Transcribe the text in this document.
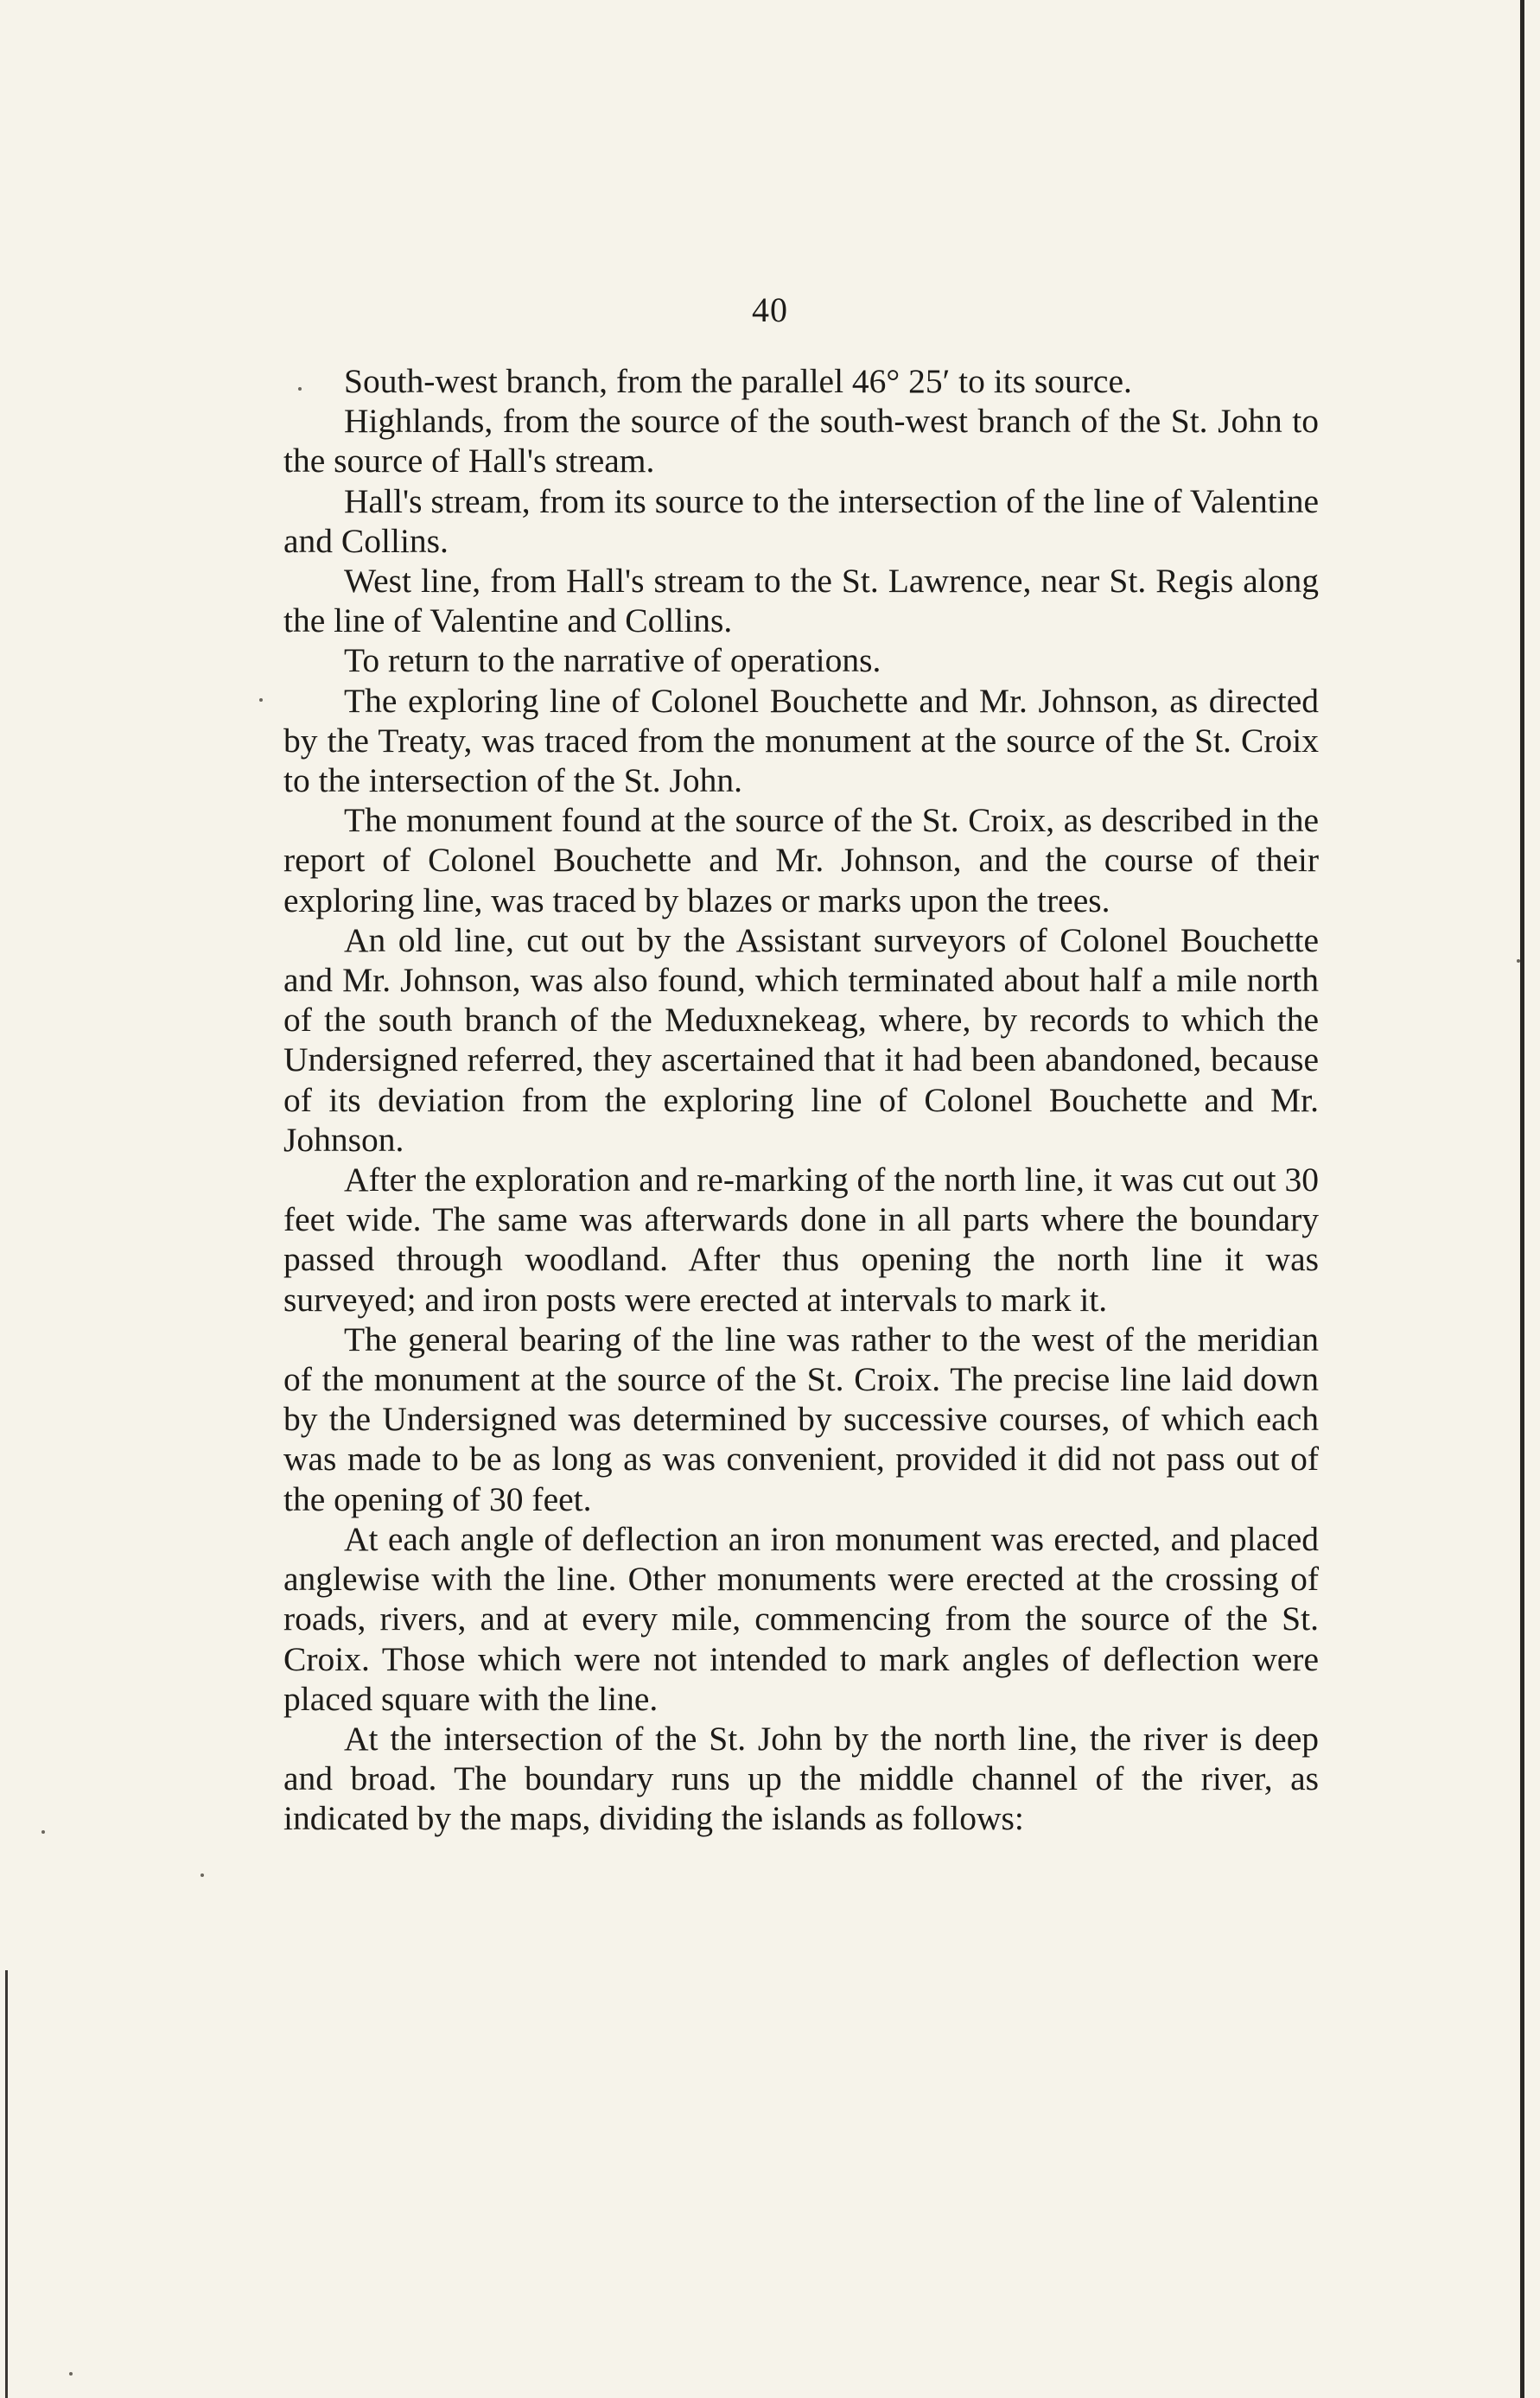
40

South-west branch, from the parallel 46° 25′ to its source.

Highlands, from the source of the south-west branch of the St. John to the source of Hall's stream.

Hall's stream, from its source to the intersection of the line of Valentine and Collins.

West line, from Hall's stream to the St. Lawrence, near St. Regis along the line of Valentine and Collins.

To return to the narrative of operations.

The exploring line of Colonel Bouchette and Mr. Johnson, as directed by the Treaty, was traced from the monument at the source of the St. Croix to the intersection of the St. John.

The monument found at the source of the St. Croix, as described in the report of Colonel Bouchette and Mr. Johnson, and the course of their exploring line, was traced by blazes or marks upon the trees.

An old line, cut out by the Assistant surveyors of Colonel Bouchette and Mr. Johnson, was also found, which terminated about half a mile north of the south branch of the Meduxnekeag, where, by records to which the Undersigned referred, they ascertained that it had been abandoned, because of its deviation from the exploring line of Colonel Bouchette and Mr. Johnson.

After the exploration and re-marking of the north line, it was cut out 30 feet wide. The same was afterwards done in all parts where the boundary passed through woodland. After thus opening the north line it was surveyed; and iron posts were erected at intervals to mark it.

The general bearing of the line was rather to the west of the meridian of the monument at the source of the St. Croix. The precise line laid down by the Undersigned was determined by successive courses, of which each was made to be as long as was convenient, provided it did not pass out of the opening of 30 feet.

At each angle of deflection an iron monument was erected, and placed anglewise with the line. Other monuments were erected at the crossing of roads, rivers, and at every mile, commencing from the source of the St. Croix. Those which were not intended to mark angles of deflection were placed square with the line.

At the intersection of the St. John by the north line, the river is deep and broad. The boundary runs up the middle channel of the river, as indicated by the maps, dividing the islands as follows:
